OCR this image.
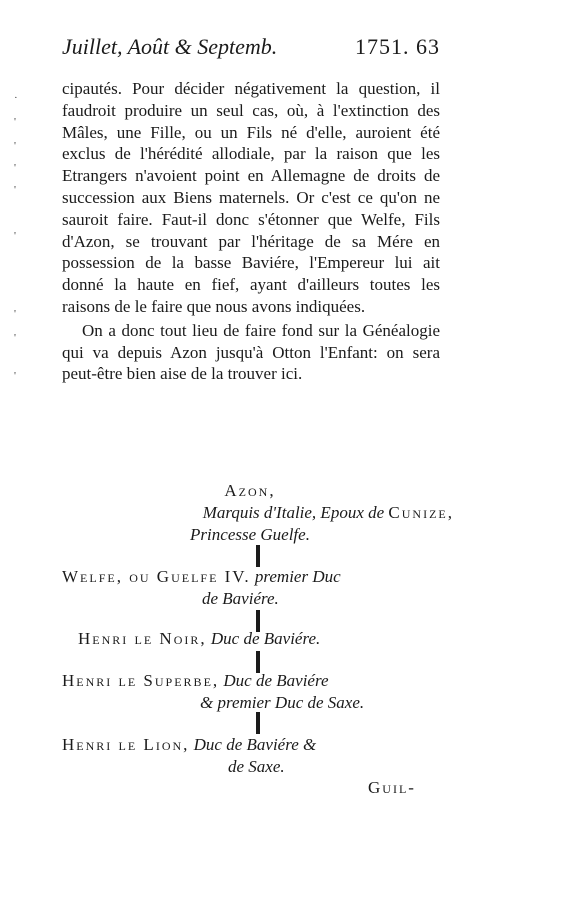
Juillet, Août & Septemb.	1751. 63
·
'
'
'
'
'
'
'
'

cipautés. Pour décider négativement la question, il faudroit produire un seul cas, où, à l'extinction des Mâles, une Fille, ou un Fils né d'elle, auroient été exclus de l'hérédité allodiale, par la raison que les Etrangers n'avoient point en Allemagne de droits de succession aux Biens maternels. Or c'est ce qu'on ne sauroit faire. Faut-il donc s'étonner que Welfe, Fils d'Azon, se trouvant par l'héritage de sa Mére en possession de la basse Baviére, l'Empereur lui ait donné la haute en fief, ayant d'ailleurs toutes les raisons de le faire que nous avons indiquées.

On a donc tout lieu de faire fond sur la Généalogie qui va depuis Azon jusqu'à Otton l'Enfant: on sera peut-être bien aise de la trouver ici.

Azon,
Marquis d'Italie, Epoux de Cunize,
Princesse Guelfe.
Welfe, ou Guelfe IV. premier Duc
de Baviére.
Henri le Noir, Duc de Baviére.
Henri le Superbe, Duc de Baviére
& premier Duc de Saxe.
Henri le Lion, Duc de Baviére &
de Saxe.
Guil-
